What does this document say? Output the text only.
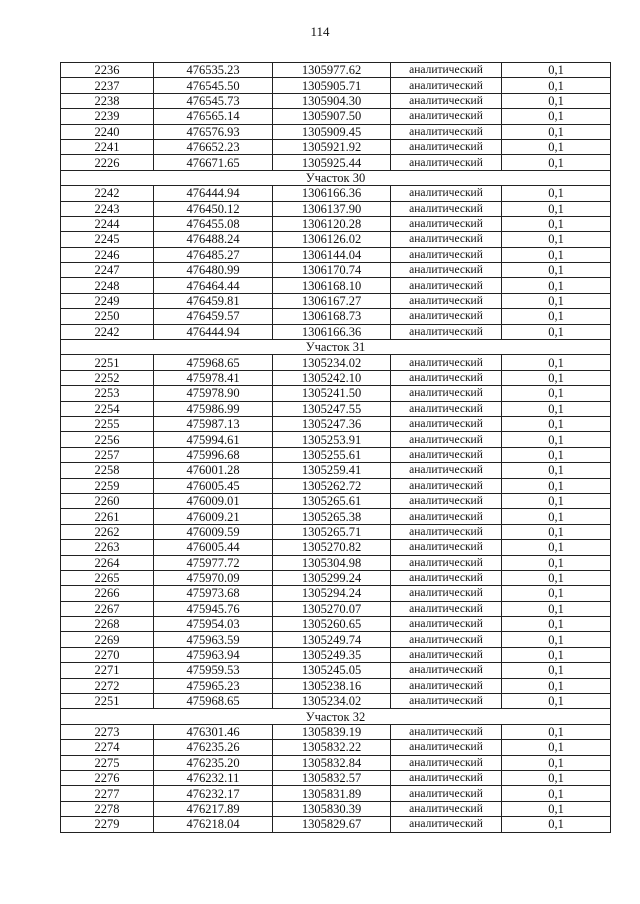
114
2236	476535.23	1305977.62	аналитический	0,1
2237	476545.50	1305905.71	аналитический	0,1
2238	476545.73	1305904.30	аналитический	0,1
2239	476565.14	1305907.50	аналитический	0,1
2240	476576.93	1305909.45	аналитический	0,1
2241	476652.23	1305921.92	аналитический	0,1
2226	476671.65	1305925.44	аналитический	0,1
Участок 30				
2242	476444.94	1306166.36	аналитический	0,1
2243	476450.12	1306137.90	аналитический	0,1
2244	476455.08	1306120.28	аналитический	0,1
2245	476488.24	1306126.02	аналитический	0,1
2246	476485.27	1306144.04	аналитический	0,1
2247	476480.99	1306170.74	аналитический	0,1
2248	476464.44	1306168.10	аналитический	0,1
2249	476459.81	1306167.27	аналитический	0,1
2250	476459.57	1306168.73	аналитический	0,1
2242	476444.94	1306166.36	аналитический	0,1
Участок 31				
2251	475968.65	1305234.02	аналитический	0,1
2252	475978.41	1305242.10	аналитический	0,1
2253	475978.90	1305241.50	аналитический	0,1
2254	475986.99	1305247.55	аналитический	0,1
2255	475987.13	1305247.36	аналитический	0,1
2256	475994.61	1305253.91	аналитический	0,1
2257	475996.68	1305255.61	аналитический	0,1
2258	476001.28	1305259.41	аналитический	0,1
2259	476005.45	1305262.72	аналитический	0,1
2260	476009.01	1305265.61	аналитический	0,1
2261	476009.21	1305265.38	аналитический	0,1
2262	476009.59	1305265.71	аналитический	0,1
2263	476005.44	1305270.82	аналитический	0,1
2264	475977.72	1305304.98	аналитический	0,1
2265	475970.09	1305299.24	аналитический	0,1
2266	475973.68	1305294.24	аналитический	0,1
2267	475945.76	1305270.07	аналитический	0,1
2268	475954.03	1305260.65	аналитический	0,1
2269	475963.59	1305249.74	аналитический	0,1
2270	475963.94	1305249.35	аналитический	0,1
2271	475959.53	1305245.05	аналитический	0,1
2272	475965.23	1305238.16	аналитический	0,1
2251	475968.65	1305234.02	аналитический	0,1
Участок 32				
2273	476301.46	1305839.19	аналитический	0,1
2274	476235.26	1305832.22	аналитический	0,1
2275	476235.20	1305832.84	аналитический	0,1
2276	476232.11	1305832.57	аналитический	0,1
2277	476232.17	1305831.89	аналитический	0,1
2278	476217.89	1305830.39	аналитический	0,1
2279	476218.04	1305829.67	аналитический	0,1
